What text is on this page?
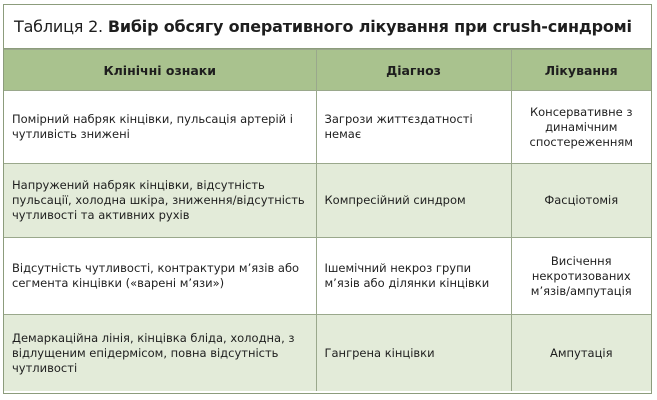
Таблиця 2. Вибір обсягу оперативного лікування при crush-синдромі
Клінічні ознаки	Діагноз	Лікування
Помірний набряк кінцівки, пульсація артерій і чутливість знижені	Загрози життєздатності немає	Консервативне з динамічним спостереженням
Напружений набряк кінцівки, відсутність пульсації, холодна шкіра, зниження/відсутність чутливості та активних рухів	Компресійний синдром	Фасціотомія
Відсутність чутливості, контрактури м’язів або сегмента кінцівки («варені м’язи»)	Ішемічний некроз групи м’язів або ділянки кінцівки	Висічення некротизованих м’язів/ампутація
Демаркаційна лінія, кінцівка бліда, холодна, з відлущеним епідермісом, повна відсутність чутливості	Гангрена кінцівки	Ампутація
